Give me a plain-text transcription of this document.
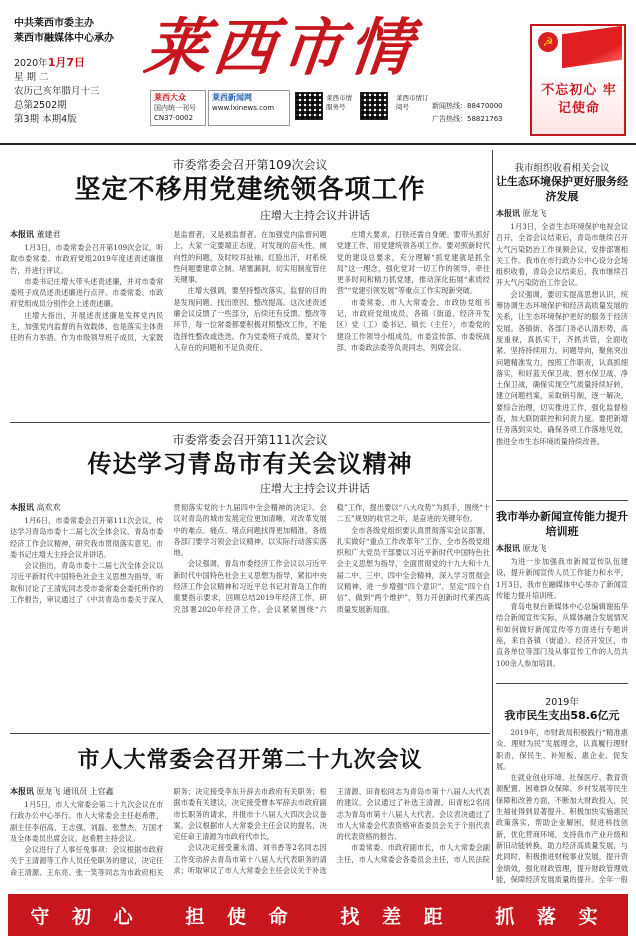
中共莱西市委主办
莱西市融媒体中心承办
2020年1月7日
星 期 二
农历己亥年腊月十三
总第2502期
第3期 本期4版
莱西市情
莱西大众
国内统一刊号
CN37·0002
莱西新闻网
www.lxinews.com
莱西市情服务号
莱西市情订阅号	新闻热线：88470000
广告热线：58821763
☭
不忘初心 牢记使命
市委常委会召开第109次会议
坚定不移用党建统领各项工作
庄增大主持会议并讲话
本报讯 董建君

1月3日，市委常委会召开第109次会议，听取市委常委、市政府党组2019年度述责述廉报告，并进行评议。

市委书记庄增大带头述责述廉，并对市委常委班子成员述责述廉进行点评。市委常委、市政府党组成员分别作会上述责述廉。

庄增大指出，开展述责述廉是发挥党内民主，加强党内监督的有效载体，也是落实主体责任的有力举措。作为市级领导班子成员，大家既是监督者，又是被监督者。在加强党内监督问题上，大家一定要端正态度，对发现的苗头性、倾向性的问题，及时咬耳扯袖、红脸出汗，对系统性问题要建章立制、堵塞漏洞，切实用制度管住关键事。

庄增大强调，要坚持整改落实，监督的目的是发现问题、找出原因、整改提高。这次述责述廉会议反馈了一些部分，后续还有反馈、整改等环节，每一位常委都要积极对照整改工作，不能选择性整改或迭迭。作为党委班子成员，要对个人存在的问题和不足负责任。

庄增大要求，打铁还需自身硬。要带头抓好党建工作，用党建统领各项工作。要对照新时代党的建设总要求，充分理解“抓党建就是抓全局”这一理念，强化党对一切工作的领导，牵住更多时间和精力抓党建，推动深化拓展“素质经营”“党建引领发展”等重点工作实现新突破。

市委常委，市人大常委会、市政协党组书记，市政府党组成员，各镇（街道、经济开发区）党（工）委书记、镇长（主任），市委党的建设工作领导小组成员，市委宣传部、市委统战部、市委政法委等负责同志，列席会议。

市委常委会召开第111次会议
传达学习青岛市有关会议精神
庄增大主持会议并讲话
本报讯 高欢欢

1月6日，市委常委会召开第111次会议，传达学习青岛市委十二届七次全体会议、青岛市委经济工作会议精神，研究我市贯彻落实意见。市委书记庄增大主持会议并讲话。

会议指出，青岛市委十二届七次全体会议以习近平新时代中国特色社会主义思想为指导，听取和讨论了王清宪同志受市委常委会委托所作的工作报告，审议通过了《中共青岛市委关于深入贯彻落实党的十九届四中全会精神的决定》。会议对青岛的城市发展定位更加清晰，对改革发展中的难点、痛点、堵点问题找得更加精准，各级各部门要学习领会会议精神，以实际行动落实落地。

会议强调，青岛市委经济工作会议以习近平新时代中国特色社会主义思想为指导，紧扣中央经济工作会议精神和习近平总书记对青岛工作的重要指示要求，回顾总结2019年经济工作，研究部署2020年经济工作。会议紧紧围绕“六稳”工作，提出要以“八大攻势”为抓手，围绕“十二五”规划的收官之年，是奋进的关键年份。

全市各级党组织要认真贯彻落实会议部署，扎实做好“重点工作改革年”工作，全市各级党组织和广大党员干部要以习近平新时代中国特色社会主义思想为指导，全面贯彻党的十九大和十九届二中、三中、四中全会精神，深入学习贯彻会议精神，进一步增强“四个意识”、坚定“四个自信”、做到“两个维护”，努力开创新时代莱西高质量发展新局面。

市人大常委会召开第二十九次会议
本报讯 原龙飞 通讯员 上官鑫

1月5日，市人大常委会第二十九次会议在市行政办公中心举行。市人大常委会主任赵希胜，副主任李佰高、王志强、刘磊、张慧杰、万国才及全体委员出席会议。赵希胜主持会议。

会议进行了人事任免事项：会议根据市政府关于王清源等工作人员任免职务的建议，决定任命王清源、王东亮、张一笑等同志为市政府相关职务；决定接受李东升辞去市政府有关职务；根据市委有关建议，决定接受曹本军辞去市政府副市长职务的请求，并报市十八届人大四次会议备案。会议根据市人大常委会主任会议的提名，决定任命王清源为市政府代市长。

会议决定接受董永清、刘书香等2名同志因工作变动辞去青岛市第十八届人大代表职务的请求；听取审议了市人大常委会主任会议关于补选王清源、田青松同志为青岛市第十八届人大代表的建议。会议通过了补选王清源、田青松2名同志为青岛市第十八届人大代表。会议表决通过了市人大常委会代表资格审查委员会关于个别代表的代表资格的报告。

市委常委、市政府副市长，市人大常委会副主任，市人大常委会各委员会主任，市人民法院

我市组织收看相关会议
让生态环境保护更好服务经济发展
本报讯 原龙飞

1月3日，全省生态环境保护电视会议召开，全省会议结束后，青岛市继续召开大气污染防治工作视频会议，安排部署相关工作。我市在市行政办公中心设分会场组织收看，青岛会议结束后，我市继续召开大气污染防治工作会议。

会议强调，要切实提高思想认识，统筹协调生态环境保护和经济高质量发展的关系，让生态环境保护更好的服务于经济发展。各镇街、各部门务必认清形势，高度重视，真抓实干，齐抓共管，全面收紧、坚持持续用力，问题导向，聚焦突出问题精准发力，按照工作职责，认真抓细落实，和好蓝天保卫战、碧水保卫战、净土保卫战，确保实现空气质量持续好转，建立问题档案，采取销号制，逐一解决。要综合治理，切实推进工作，强化监督检查，加大联防联控和问责力度。要把新增任务落到实处，确保各项工作落地见效，推进全市生态环境质量持续改善。

我市举办新闻宣传能力提升培训班
本报讯 原龙飞

为进一步加强我市新闻宣传队伍建设，提升新闻宣传人员工作能力和水平，1月3日，我市在融媒体中心举办了新闻宣传能力提升培训班。

青岛电视台新媒体中心总编辑谢拓华结合新闻宣传实际，从媒体融合发展情况和如何做好新闻宣传等方面进行专题讲座，来自各镇（街道）、经济开发区，市直各单位等部门及从事宣传工作的人员共100余人参加培训。

2019年
我市民生支出58.6亿元

2019年，市财政局积极践行“精准惠众、理财为民”发展理念，认真履行理财职责，保民生、补短板、惠企业、促发展。

在就业创业环境、社保医疗、教育资源配置、困难群众保障、乡村发展等民生保障和改善方面，不断加大财政投入，民生福祉得到显著提升。积极加快实施惠民政策落实，帮助企业解困，促进科技创新，优化营商环境，支持我市产业升级和新旧动能转换，助力经济高质量发展，与此同时，积极推进财税事业发展，提升资金绩效，强化财政管理，提升财政管理效能，保障经济发展质量的提升。全年一般

守 初 心 担 使 命 找 差 距 抓 落 实
